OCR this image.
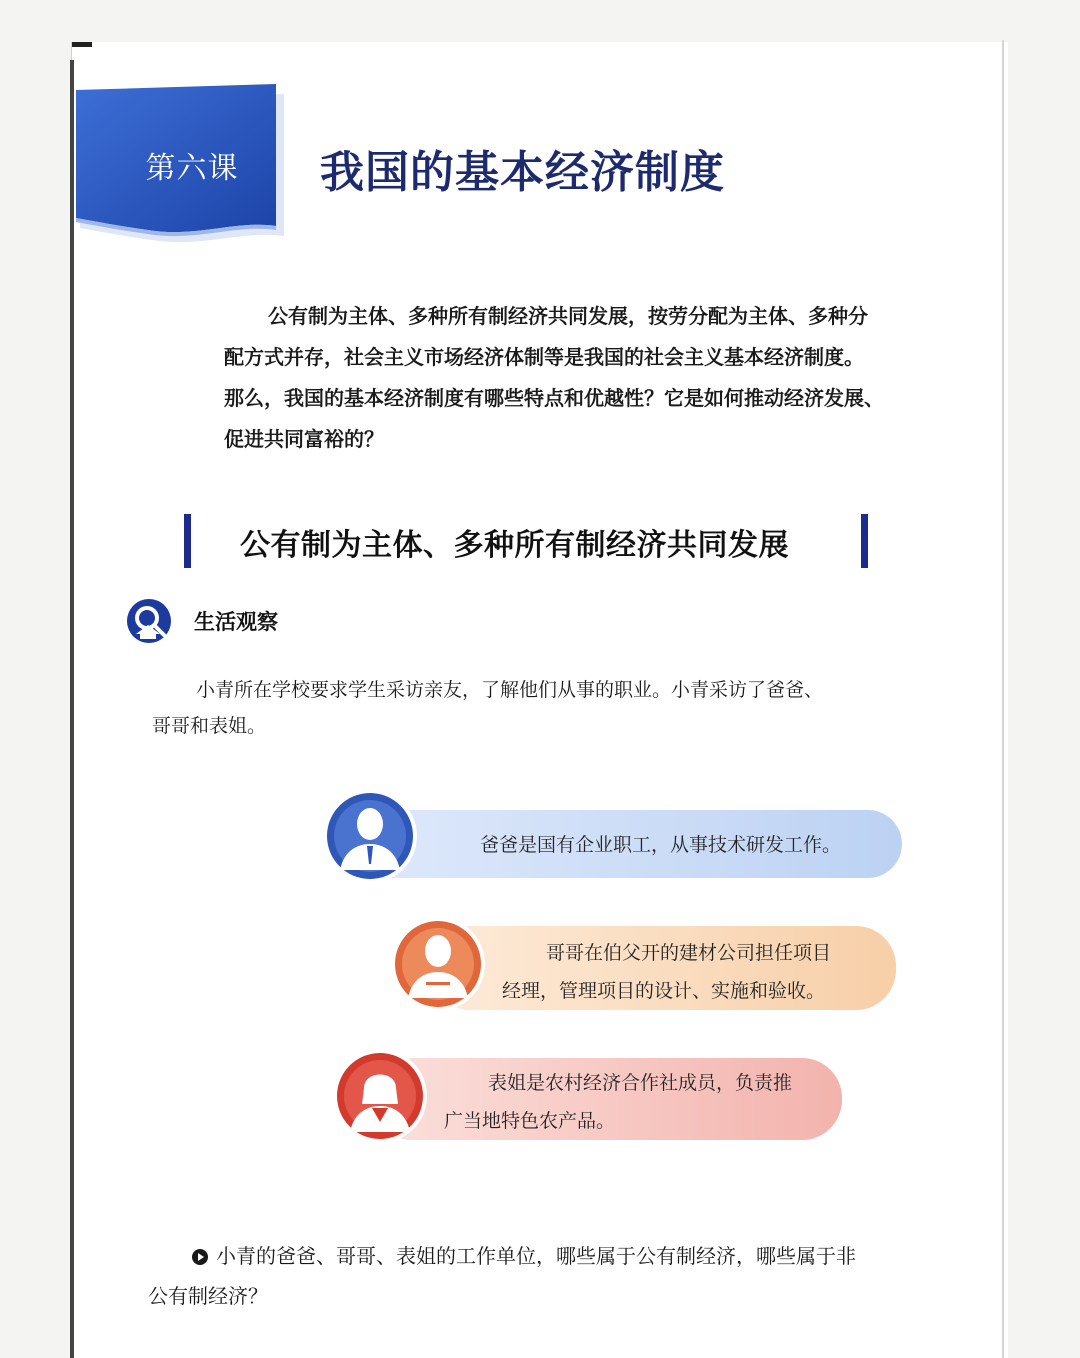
第六课	我国的基本经济制度

公有制为主体、多种所有制经济共同发展，按劳分配为主体、多种分

配方式并存，社会主义市场经济体制等是我国的社会主义基本经济制度。

那么，我国的基本经济制度有哪些特点和优越性？它是如何推动经济发展、

促进共同富裕的？

公有制为主体、多种所有制经济共同发展
生活观察

小青所在学校要求学生采访亲友，了解他们从事的职业。小青采访了爸爸、

哥哥和表姐。

爸爸是国有企业职工，从事技术研发工作。
哥哥在伯父开的建材公司担任项目
经理，管理项目的设计、实施和验收。
表姐是农村经济合作社成员，负责推
广当地特色农产品。

小青的爸爸、哥哥、表姐的工作单位，哪些属于公有制经济，哪些属于非

公有制经济？
